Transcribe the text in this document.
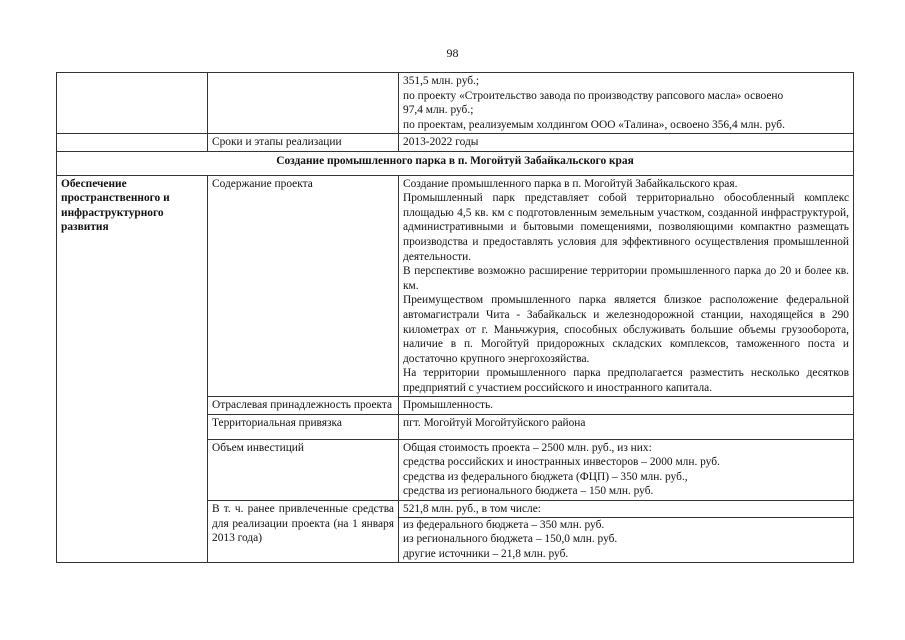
98

		351,5 млн. руб.;
по проекту «Строительство завода по производству рапсового масла» освоено
97,4 млн. руб.;
по проектам, реализуемым холдингом ООО «Талина», освоено 356,4 млн. руб.

	Сроки и этапы реализации	2013-2022 годы
Создание промышленного парка в п. Могойтуй Забайкальского края		
Обеспечение пространственного и инфраструктурного развития	Содержание проекта	Создание промышленного парка в п. Могойтуй Забайкальского края.
Промышленный парк представляет собой территориально обособленный комплекс площадью 4,5 кв. км с подготовленным земельным участком, созданной инфраструктурой, административными и бытовыми помещениями, позволяющими компактно размещать производства и предоставлять условия для эффективного осуществления промышленной деятельности.
В перспективе возможно расширение территории промышленного парка до 20 и более кв. км.
Преимуществом промышленного парка является близкое расположение федеральной автомагистрали Чита - Забайкальск и железнодорожной станции, находящейся в 290 километрах от г. Маньчжурия, способных обслуживать большие объемы грузооборота, наличие в п. Могойтуй придорожных складских комплексов, таможенного поста и достаточно крупного энергохозяйства.
На территории промышленного парка предполагается разместить несколько десятков предприятий с участием российского и иностранного капитала.

	Отраслевая принадлежность проекта	Промышленность.
	Территориальная привязка	пгт. Могойтуй Могойтуйского района
	Объем инвестиций	Общая стоимость проекта – 2500 млн. руб., из них:
средства российских и иностранных инвесторов – 2000 млн. руб.
средства из федерального бюджета (ФЦП) – 350 млн. руб.,
средства из регионального бюджета – 150 млн. руб.

	В т. ч. ранее привлеченные средства для реализации проекта (на 1 января 2013 года)	521,8 млн. руб., в том числе:
из федерального бюджета – 350 млн. руб.
из регионального бюджета – 150,0 млн. руб.
другие источники – 21,8 млн. руб.
